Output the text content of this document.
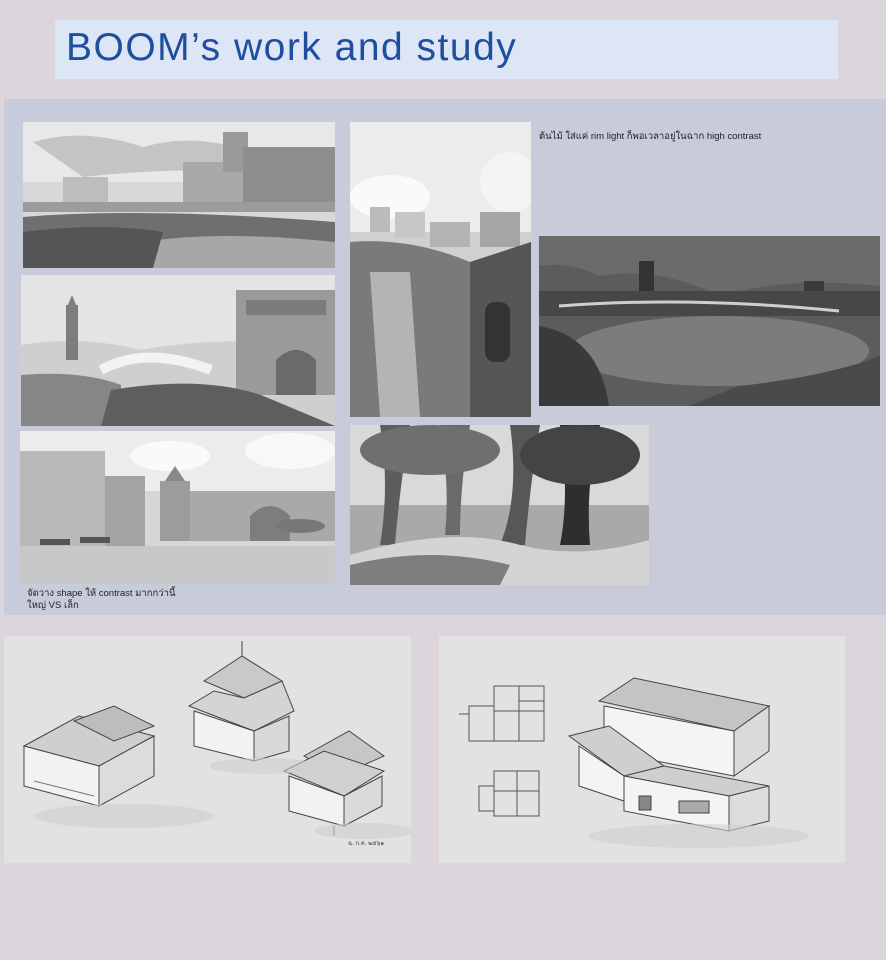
BOOM’s work and study
ต้นไม้ ใส่แค่ rim light ก็พอเวลาอยู่ในฉาก high contrast
จัดวาง shape ให้ contrast มากกว่านี้
ใหญ่ VS เล็ก
ฉ. ก.ค. ๒๕๖๑
